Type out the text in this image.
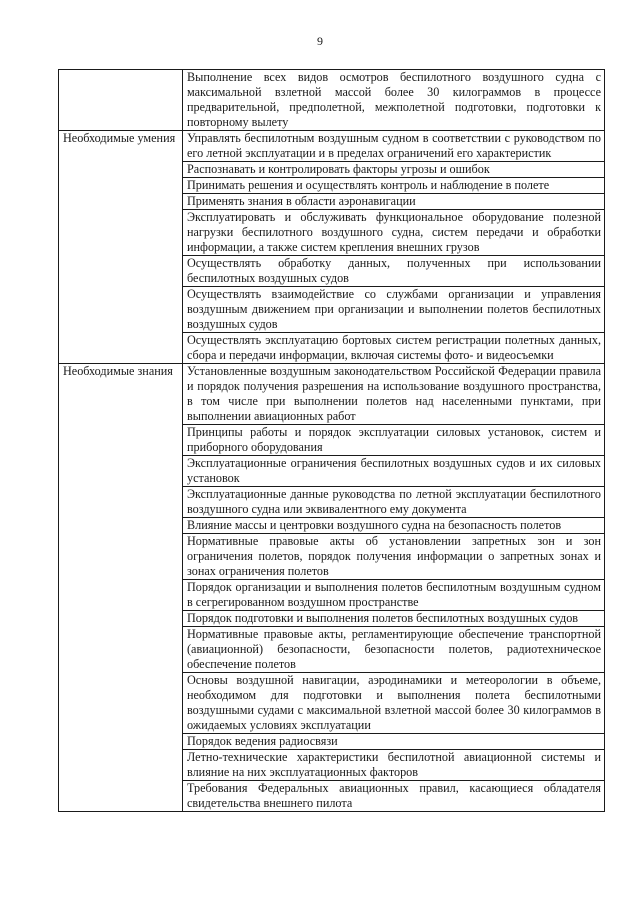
9
	Выполнение всех видов осмотров беспилотного воздушного судна с максимальной взлетной массой более 30 килограммов в процессе предварительной, предполетной, межполетной подготовки, подготовки к повторному вылету
Необходимые умения	Управлять беспилотным воздушным судном в соответствии с руководством по его летной эксплуатации и в пределах ограничений его характеристик
	Распознавать и контролировать факторы угрозы и ошибок
	Принимать решения и осуществлять контроль и наблюдение в полете
	Применять знания в области аэронавигации
	Эксплуатировать и обслуживать функциональное оборудование полезной нагрузки беспилотного воздушного судна, систем передачи и обработки информации, а также систем крепления внешних грузов
	Осуществлять обработку данных, полученных при использовании беспилотных воздушных судов
	Осуществлять взаимодействие со службами организации и управления воздушным движением при организации и выполнении полетов беспилотных воздушных судов
	Осуществлять эксплуатацию бортовых систем регистрации полетных данных, сбора и передачи информации, включая системы фото- и видеосъемки
Необходимые знания	Установленные воздушным законодательством Российской Федерации правила и порядок получения разрешения на использование воздушного пространства, в том числе при выполнении полетов над населенными пунктами, при выполнении авиационных работ
	Принципы работы и порядок эксплуатации силовых установок, систем и приборного оборудования
	Эксплуатационные ограничения беспилотных воздушных судов и их силовых установок
	Эксплуатационные данные руководства по летной эксплуатации беспилотного воздушного судна или эквивалентного ему документа
	Влияние массы и центровки воздушного судна на безопасность полетов
	Нормативные правовые акты об установлении запретных зон и зон ограничения полетов, порядок получения информации о запретных зонах и зонах ограничения полетов
	Порядок организации и выполнения полетов беспилотным воздушным судном в сегрегированном воздушном пространстве
	Порядок подготовки и выполнения полетов беспилотных воздушных судов
	Нормативные правовые акты, регламентирующие обеспечение транспортной (авиационной) безопасности, безопасности полетов, радиотехническое обеспечение полетов
	Основы воздушной навигации, аэродинамики и метеорологии в объеме, необходимом для подготовки и выполнения полета беспилотными воздушными судами с максимальной взлетной массой более 30 килограммов в ожидаемых условиях эксплуатации
	Порядок ведения радиосвязи
	Летно-технические характеристики беспилотной авиационной системы и влияние на них эксплуатационных факторов
	Требования Федеральных авиационных правил, касающиеся обладателя свидетельства внешнего пилота
